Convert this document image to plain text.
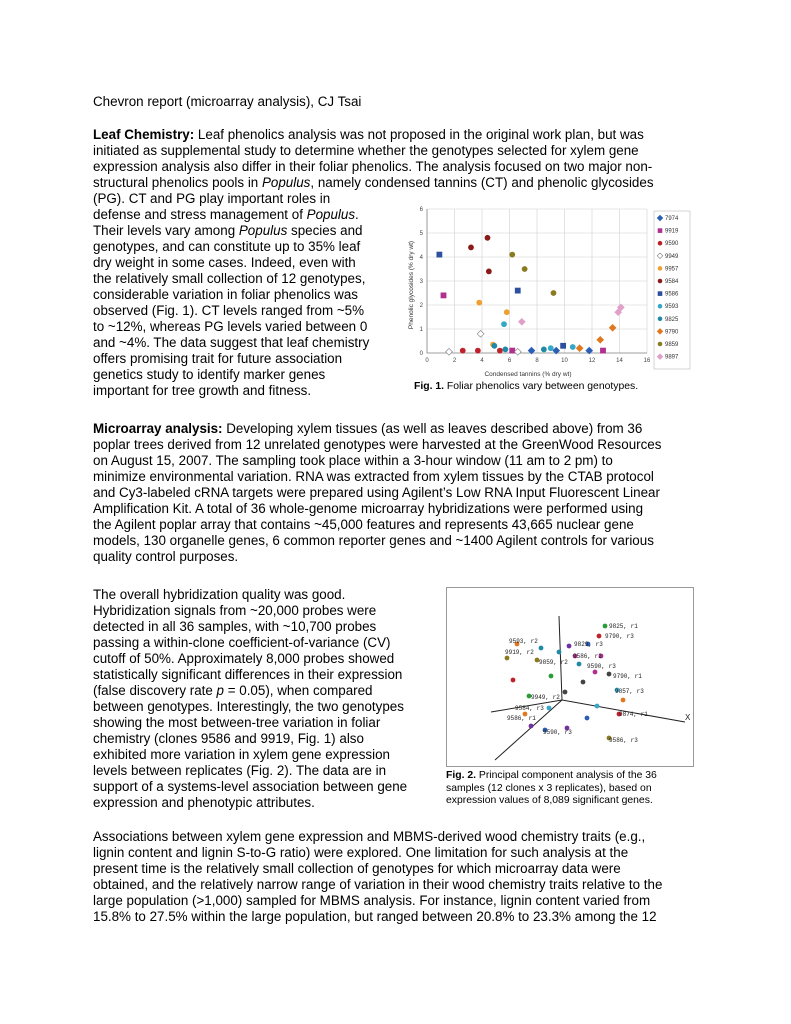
Chevron report (microarray analysis), CJ Tsai
Leaf Chemistry: Leaf phenolics analysis was not proposed in the original work plan, but was
initiated as supplemental study to determine whether the genotypes selected for xylem gene
expression analysis also differ in their foliar phenolics. The analysis focused on two major non-
structural phenolics pools in Populus, namely condensed tannins (CT) and phenolic glycosides
(PG). CT and PG play important roles in
defense and stress management of Populus.
Their levels vary among Populus species and
genotypes, and can constitute up to 35% leaf
dry weight in some cases. Indeed, even with
the relatively small collection of 12 genotypes,
considerable variation in foliar phenolics was
observed (Fig. 1). CT levels ranged from ~5%
to ~12%, whereas PG levels varied between 0
and ~4%. The data suggest that leaf chemistry
offers promising trait for future association
genetics study to identify marker genes
important for tree growth and fitness.
0
1
2
3
4
5
6
0	2	4	6	8	10	12	14	16
Condensed tannins (% dry wt)
Phenolic glycosides (% dry wt)
7974
9919
9590
9949
9957
9584
9586
9593
9825
9790
9859
9897
Fig. 1. Foliar phenolics vary between genotypes.
Microarray analysis: Developing xylem tissues (as well as leaves described above) from 36
poplar trees derived from 12 unrelated genotypes were harvested at the GreenWood Resources
on August 15, 2007. The sampling took place within a 3-hour window (11 am to 2 pm) to
minimize environmental variation. RNA was extracted from xylem tissues by the CTAB protocol
and Cy3-labeled cRNA targets were prepared using Agilent’s Low RNA Input Fluorescent Linear
Amplification Kit. A total of 36 whole-genome microarray hybridizations were performed using
the Agilent poplar array that contains ~45,000 features and represents 43,665 nuclear gene
models, 130 organelle genes, 6 common reporter genes and ~1400 Agilent controls for various
quality control purposes.
The overall hybridization quality was good.
Hybridization signals from ~20,000 probes were
detected in all 36 samples, with ~10,700 probes
passing a within-clone coefficient-of-variance (CV)
cutoff of 50%. Approximately 8,000 probes showed
statistically significant differences in their expression
(false discovery rate p = 0.05), when compared
between genotypes. Interestingly, the two genotypes
showing the most between-tree variation in foliar
chemistry (clones 9586 and 9919, Fig. 1) also
exhibited more variation in xylem gene expression
levels between replicates (Fig. 2). The data are in
support of a systems-level association between gene
expression and phenotypic attributes.
X
9825, r1
9790, r3
9593, r2	9829, r3
9919, r2
9859, r2
9586, r2
9590, r3
9790, r1
9857, r3
9949, r2
9874, r1
9586, r1
9590, r3
9584, r3
9586, r3
Fig. 2. Principal component analysis of the 36
samples (12 clones x 3 replicates), based on
expression values of 8,089 significant genes.
Associations between xylem gene expression and MBMS-derived wood chemistry traits (e.g.,
lignin content and lignin S-to-G ratio) were explored. One limitation for such analysis at the
present time is the relatively small collection of genotypes for which microarray data were
obtained, and the relatively narrow range of variation in their wood chemistry traits relative to the
large population (>1,000) sampled for MBMS analysis. For instance, lignin content varied from
15.8% to 27.5% within the large population, but ranged between 20.8% to 23.3% among the 12
